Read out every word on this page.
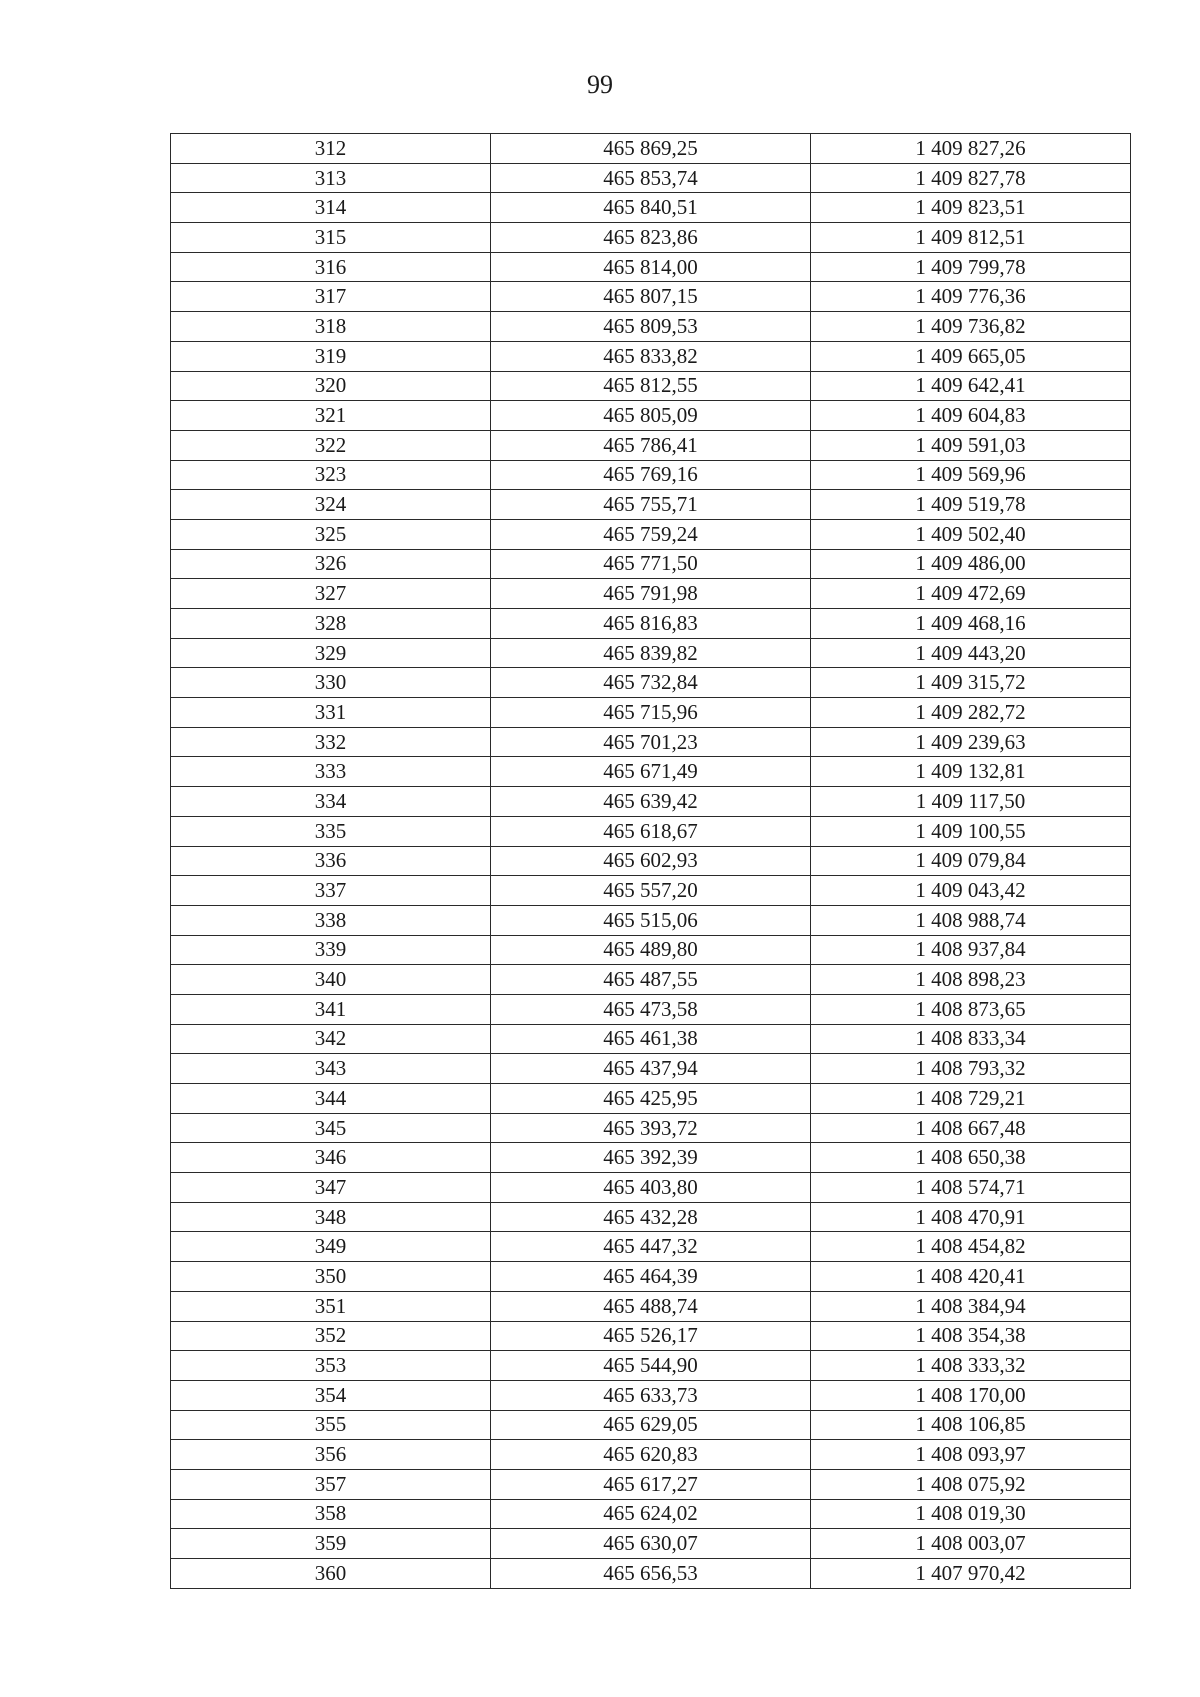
99
312	465 869,25	1 409 827,26
313	465 853,74	1 409 827,78
314	465 840,51	1 409 823,51
315	465 823,86	1 409 812,51
316	465 814,00	1 409 799,78
317	465 807,15	1 409 776,36
318	465 809,53	1 409 736,82
319	465 833,82	1 409 665,05
320	465 812,55	1 409 642,41
321	465 805,09	1 409 604,83
322	465 786,41	1 409 591,03
323	465 769,16	1 409 569,96
324	465 755,71	1 409 519,78
325	465 759,24	1 409 502,40
326	465 771,50	1 409 486,00
327	465 791,98	1 409 472,69
328	465 816,83	1 409 468,16
329	465 839,82	1 409 443,20
330	465 732,84	1 409 315,72
331	465 715,96	1 409 282,72
332	465 701,23	1 409 239,63
333	465 671,49	1 409 132,81
334	465 639,42	1 409 117,50
335	465 618,67	1 409 100,55
336	465 602,93	1 409 079,84
337	465 557,20	1 409 043,42
338	465 515,06	1 408 988,74
339	465 489,80	1 408 937,84
340	465 487,55	1 408 898,23
341	465 473,58	1 408 873,65
342	465 461,38	1 408 833,34
343	465 437,94	1 408 793,32
344	465 425,95	1 408 729,21
345	465 393,72	1 408 667,48
346	465 392,39	1 408 650,38
347	465 403,80	1 408 574,71
348	465 432,28	1 408 470,91
349	465 447,32	1 408 454,82
350	465 464,39	1 408 420,41
351	465 488,74	1 408 384,94
352	465 526,17	1 408 354,38
353	465 544,90	1 408 333,32
354	465 633,73	1 408 170,00
355	465 629,05	1 408 106,85
356	465 620,83	1 408 093,97
357	465 617,27	1 408 075,92
358	465 624,02	1 408 019,30
359	465 630,07	1 408 003,07
360	465 656,53	1 407 970,42
